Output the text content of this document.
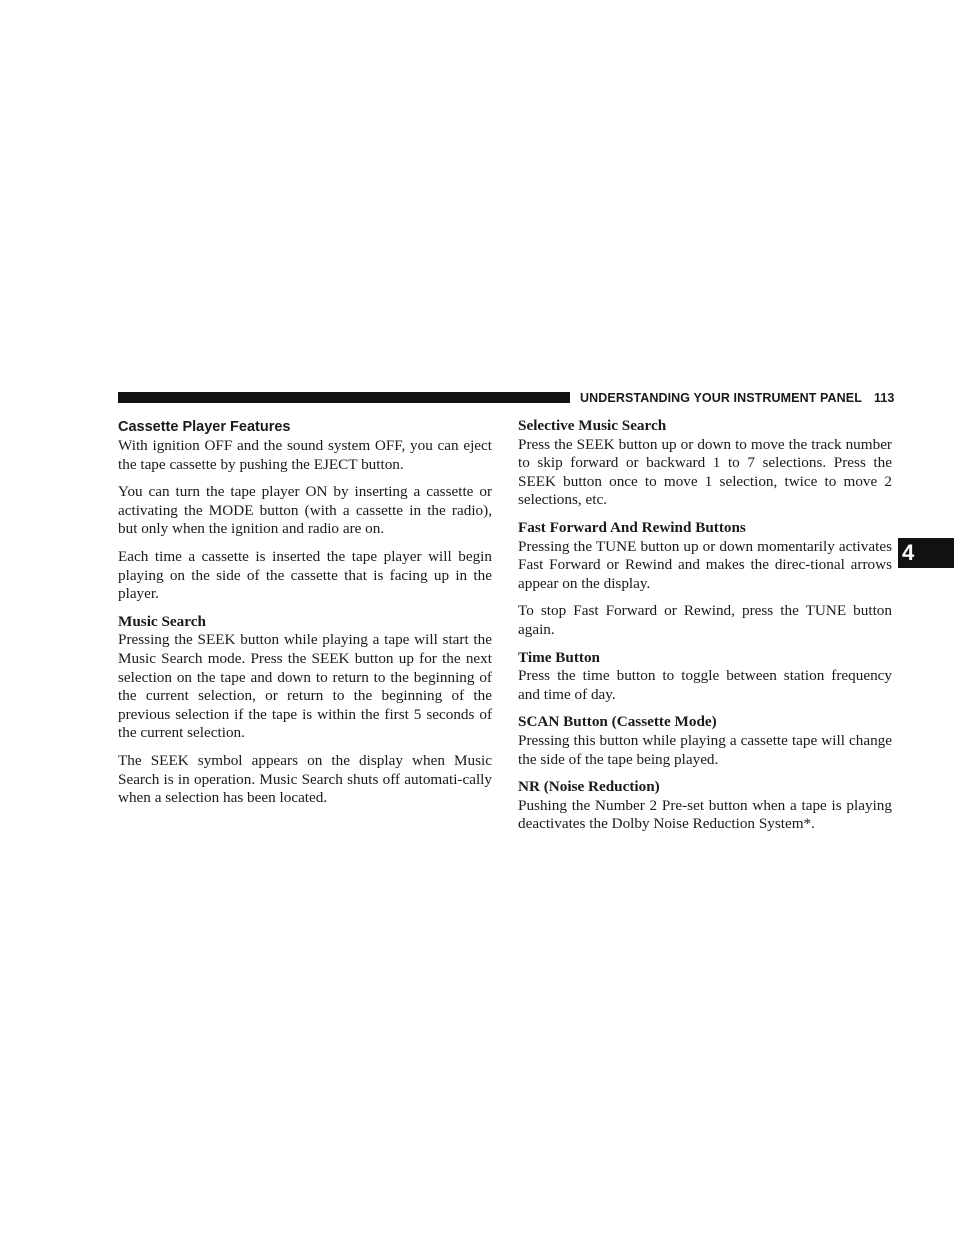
UNDERSTANDING YOUR INSTRUMENT PANEL 113
4
Cassette Player Features

With ignition OFF and the sound system OFF, you can eject the tape cassette by pushing the EJECT button.

You can turn the tape player ON by inserting a cassette or activating the MODE button (with a cassette in the radio), but only when the ignition and radio are on.

Each time a cassette is inserted the tape player will begin playing on the side of the cassette that is facing up in the player.

Music Search

Pressing the SEEK button while playing a tape will start the Music Search mode. Press the SEEK button up for the next selection on the tape and down to return to the beginning of the current selection, or return to the beginning of the previous selection if the tape is within the first 5 seconds of the current selection.

The SEEK symbol appears on the display when Music Search is in operation. Music Search shuts off automati-cally when a selection has been located.

Selective Music Search

Press the SEEK button up or down to move the track number to skip forward or backward 1 to 7 selections. Press the SEEK button once to move 1 selection, twice to move 2 selections, etc.

Fast Forward And Rewind Buttons

Pressing the TUNE button up or down momentarily activates Fast Forward or Rewind and makes the direc-tional arrows appear on the display.

To stop Fast Forward or Rewind, press the TUNE button again.

Time Button

Press the time button to toggle between station frequency and time of day.

SCAN Button (Cassette Mode)

Pressing this button while playing a cassette tape will change the side of the tape being played.

NR (Noise Reduction)

Pushing the Number 2 Pre-set button when a tape is playing deactivates the Dolby Noise Reduction System*.
